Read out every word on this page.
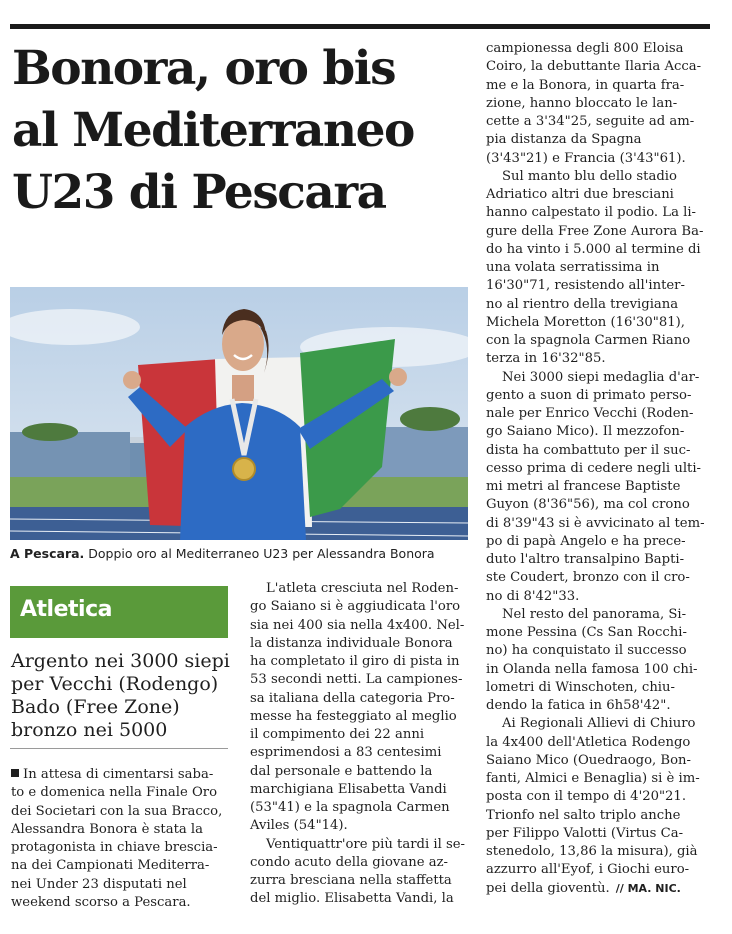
Bonora, oro bis
al Mediterraneo
U23 di Pescara
A Pescara. Doppio oro al Mediterraneo U23 per Alessandra Bonora
Atletica
Argento nei 3000 siepi
per Vecchi (Rodengo)
Bado (Free Zone)
bronzo nei 5000
In attesa di cimentarsi saba-
to e domenica nella Finale Oro
dei Societari con la sua Bracco,
Alessandra Bonora è stata la
protagonista in chiave brescia-
na dei Campionati Mediterra-
nei Under 23 disputati nel
weekend scorso a Pescara.
L'atleta cresciuta nel Roden-
go Saiano si è aggiudicata l'oro
sia nei 400 sia nella 4x400. Nel-
la distanza individuale Bonora
ha completato il giro di pista in
53 secondi netti. La campiones-
sa italiana della categoria Pro-
messe ha festeggiato al meglio
il compimento dei 22 anni
esprimendosi a 83 centesimi
dal personale e battendo la
marchigiana Elisabetta Vandi
(53"41) e la spagnola Carmen
Aviles (54"14).
Ventiquattr'ore più tardi il se-
condo acuto della giovane az-
zurra bresciana nella staffetta
del miglio. Elisabetta Vandi, la
campionessa degli 800 Eloisa
Coiro, la debuttante Ilaria Acca-
me e la Bonora, in quarta fra-
zione, hanno bloccato le lan-
cette a 3'34"25, seguite ad am-
pia distanza da Spagna
(3'43"21) e Francia (3'43"61).
Sul manto blu dello stadio
Adriatico altri due bresciani
hanno calpestato il podio. La li-
gure della Free Zone Aurora Ba-
do ha vinto i 5.000 al termine di
una volata serratissima in
16'30"71, resistendo all'inter-
no al rientro della trevigiana
Michela Moretton (16'30"81),
con la spagnola Carmen Riano
terza in 16'32"85.
Nei 3000 siepi medaglia d'ar-
gento a suon di primato perso-
nale per Enrico Vecchi (Roden-
go Saiano Mico). Il mezzofon-
dista ha combattuto per il suc-
cesso prima di cedere negli ulti-
mi metri al francese Baptiste
Guyon (8'36"56), ma col crono
di 8'39"43 si è avvicinato al tem-
po di papà Angelo e ha prece-
duto l'altro transalpino Bapti-
ste Coudert, bronzo con il cro-
no di 8'42"33.
Nel resto del panorama, Si-
mone Pessina (Cs San Rocchi-
no) ha conquistato il successo
in Olanda nella famosa 100 chi-
lometri di Winschoten, chiu-
dendo la fatica in 6h58'42".
Ai Regionali Allievi di Chiuro
la 4x400 dell'Atletica Rodengo
Saiano Mico (Ouedraogo, Bon-
fanti, Almici e Benaglia) si è im-
posta con il tempo di 4'20"21.
Trionfo nel salto triplo anche
per Filippo Valotti (Virtus Ca-
stenedolo, 13,86 la misura), già
azzurro all'Eyof, i Giochi euro-
pei della gioventù. // MA. NIC.
